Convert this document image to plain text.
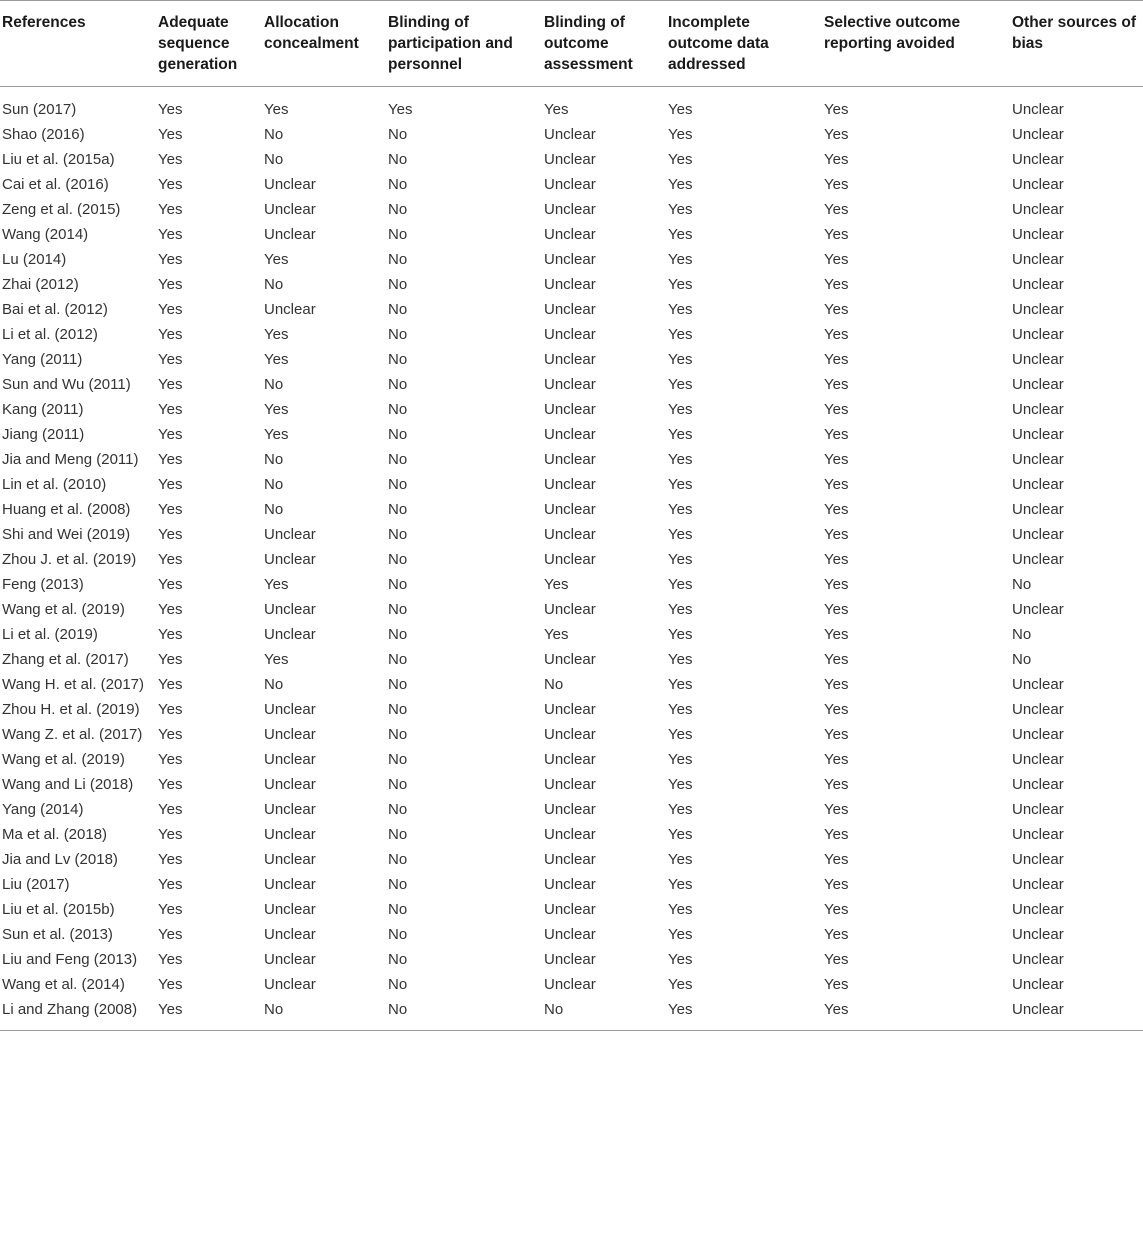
References	Adequate sequence generation	Allocation concealment	Blinding of participation and personnel	Blinding of outcome assessment	Incomplete outcome data addressed	Selective outcome reporting avoided	Other sources of bias
Sun (2017)	Yes	Yes	Yes	Yes	Yes	Yes	Unclear
Shao (2016)	Yes	No	No	Unclear	Yes	Yes	Unclear
Liu et al. (2015a)	Yes	No	No	Unclear	Yes	Yes	Unclear
Cai et al. (2016)	Yes	Unclear	No	Unclear	Yes	Yes	Unclear
Zeng et al. (2015)	Yes	Unclear	No	Unclear	Yes	Yes	Unclear
Wang (2014)	Yes	Unclear	No	Unclear	Yes	Yes	Unclear
Lu (2014)	Yes	Yes	No	Unclear	Yes	Yes	Unclear
Zhai (2012)	Yes	No	No	Unclear	Yes	Yes	Unclear
Bai et al. (2012)	Yes	Unclear	No	Unclear	Yes	Yes	Unclear
Li et al. (2012)	Yes	Yes	No	Unclear	Yes	Yes	Unclear
Yang (2011)	Yes	Yes	No	Unclear	Yes	Yes	Unclear
Sun and Wu (2011)	Yes	No	No	Unclear	Yes	Yes	Unclear
Kang (2011)	Yes	Yes	No	Unclear	Yes	Yes	Unclear
Jiang (2011)	Yes	Yes	No	Unclear	Yes	Yes	Unclear
Jia and Meng (2011)	Yes	No	No	Unclear	Yes	Yes	Unclear
Lin et al. (2010)	Yes	No	No	Unclear	Yes	Yes	Unclear
Huang et al. (2008)	Yes	No	No	Unclear	Yes	Yes	Unclear
Shi and Wei (2019)	Yes	Unclear	No	Unclear	Yes	Yes	Unclear
Zhou J. et al. (2019)	Yes	Unclear	No	Unclear	Yes	Yes	Unclear
Feng (2013)	Yes	Yes	No	Yes	Yes	Yes	No
Wang et al. (2019)	Yes	Unclear	No	Unclear	Yes	Yes	Unclear
Li et al. (2019)	Yes	Unclear	No	Yes	Yes	Yes	No
Zhang et al. (2017)	Yes	Yes	No	Unclear	Yes	Yes	No
Wang H. et al. (2017)	Yes	No	No	No	Yes	Yes	Unclear
Zhou H. et al. (2019)	Yes	Unclear	No	Unclear	Yes	Yes	Unclear
Wang Z. et al. (2017)	Yes	Unclear	No	Unclear	Yes	Yes	Unclear
Wang et al. (2019)	Yes	Unclear	No	Unclear	Yes	Yes	Unclear
Wang and Li (2018)	Yes	Unclear	No	Unclear	Yes	Yes	Unclear
Yang (2014)	Yes	Unclear	No	Unclear	Yes	Yes	Unclear
Ma et al. (2018)	Yes	Unclear	No	Unclear	Yes	Yes	Unclear
Jia and Lv (2018)	Yes	Unclear	No	Unclear	Yes	Yes	Unclear
Liu (2017)	Yes	Unclear	No	Unclear	Yes	Yes	Unclear
Liu et al. (2015b)	Yes	Unclear	No	Unclear	Yes	Yes	Unclear
Sun et al. (2013)	Yes	Unclear	No	Unclear	Yes	Yes	Unclear
Liu and Feng (2013)	Yes	Unclear	No	Unclear	Yes	Yes	Unclear
Wang et al. (2014)	Yes	Unclear	No	Unclear	Yes	Yes	Unclear
Li and Zhang (2008)	Yes	No	No	No	Yes	Yes	Unclear
